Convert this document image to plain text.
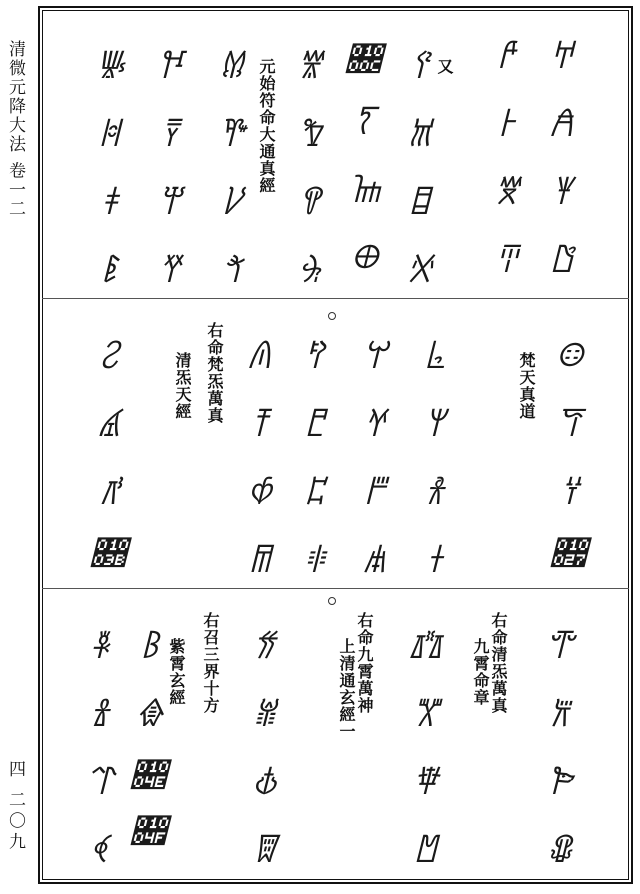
清微元降大法 卷一二
四 二〇九
又
元始符命大通真經	𐀀𐀁𐀂𐀃
𐀄𐀅𐀆𐀇
𐀈𐀉𐀊𐀋
𐀌𐀍𐀎𐀏
𐀐𐀑𐀒𐀓
𐀔𐀕𐀖𐀗
𐀘𐀙𐀚𐀛
𐀜𐀝𐀞𐀟
梵天真道
右命梵炁萬真
清炁天經	𐀤𐀥𐀦𐀧
𐀨𐀩𐀪𐀫
𐀬𐀭𐀮𐀯
𐀰𐀱𐀲𐀳
𐀴𐀵𐀶𐀷
𐀸𐀹𐀺𐀻
右命清炁萬真
九霄命章
右命九霄萬神
上清通玄經一
右召三界十方
紫霄玄經	𐁀𐁁𐁂𐁃
𐁄𐁅𐁆𐁇
𐁈𐁉𐁊𐁋
𐁌𐁍𐁎𐁏
𐁐𐁑𐁒𐁓
